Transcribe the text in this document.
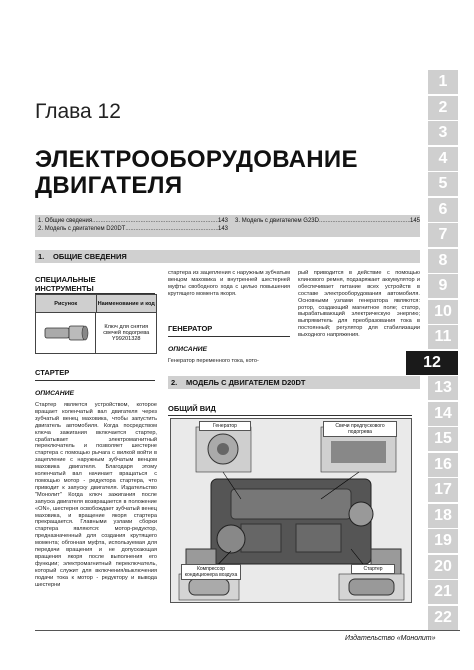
Глава 12
ЭЛЕКТРООБОРУДОВАНИЕ ДВИГАТЕЛЯ
1.
Общие сведения .....	143
2.
Модель с двигателем D20DT .....	143
3.
Модель с двигателем G23D .....	145
1. ОБЩИЕ СВЕДЕНИЯ
СПЕЦИАЛЬНЫЕ ИНСТРУМЕНТЫ
Рисунок	Наименование и код
Ключ для снятия свечей подогрева Y99201328
СТАРТЕР
ОПИСАНИЕ
Стартер является устройством, которое вращает коленчатый вал двигателя через зубчатый венец маховика, чтобы запустить двигатель автомобиля. Когда посредством ключа зажигания включается стартер, срабатывает электромагнитный переключатель и позволяет шестерне стартера с помощью рычага с вилкой войти в зацепление с наружным зубчатым венцом маховика двигателя. Благодаря этому коленчатый вал начинает вращаться с помощью мотор - редуктора стартера, что приводит к запуску двигателя. Издательство "Монолит" Когда ключ зажигания после запуска двигателя возвращается в положение «ON», шестерня освобождает зубчатый венец маховика, и вращение якоря стартера прекращается. Главными узлами сборки стартера являются: мотор-редуктор, предназначенный для создания крутящего момента; обгонная муфта, используемая для передачи вращения и не допускающая вращения якоря после выполнения его функции; электромагнитный переключатель, который служит для включения/выключения подачи тока к мотор - редуктору и вывода шестерни
стартера из зацепления с наружным зубчатым венцом маховика и внутренней шестерней муфты свободного хода с целью повышения крутящего момента якоря.
ГЕНЕРАТОР
ОПИСАНИЕ
Генератор переменного тока, кото-
рый приводится в действие с помощью клинового ремня, подзаряжает аккумулятор и обеспечивает питание всех устройств в составе электрооборудования автомобиля. Основными узлами генератора являются: ротор, создающий магнитное поле; статор, вырабатывающий электрическую энергию; выпрямитель для преобразования тока в постоянный; регулятор для стабилизации выходного напряжения.
2. МОДЕЛЬ С ДВИГАТЕЛЕМ D20DT
ОБЩИЙ ВИД
Генератор	Свечи предпускового подогрева
Компрессор кондиционера воздуха
Стартер
1
2
3
4
5
6
7
8
9
10
11
12
13
14
15
16
17
18
19
20
21
22
Издательство «Монолит»
